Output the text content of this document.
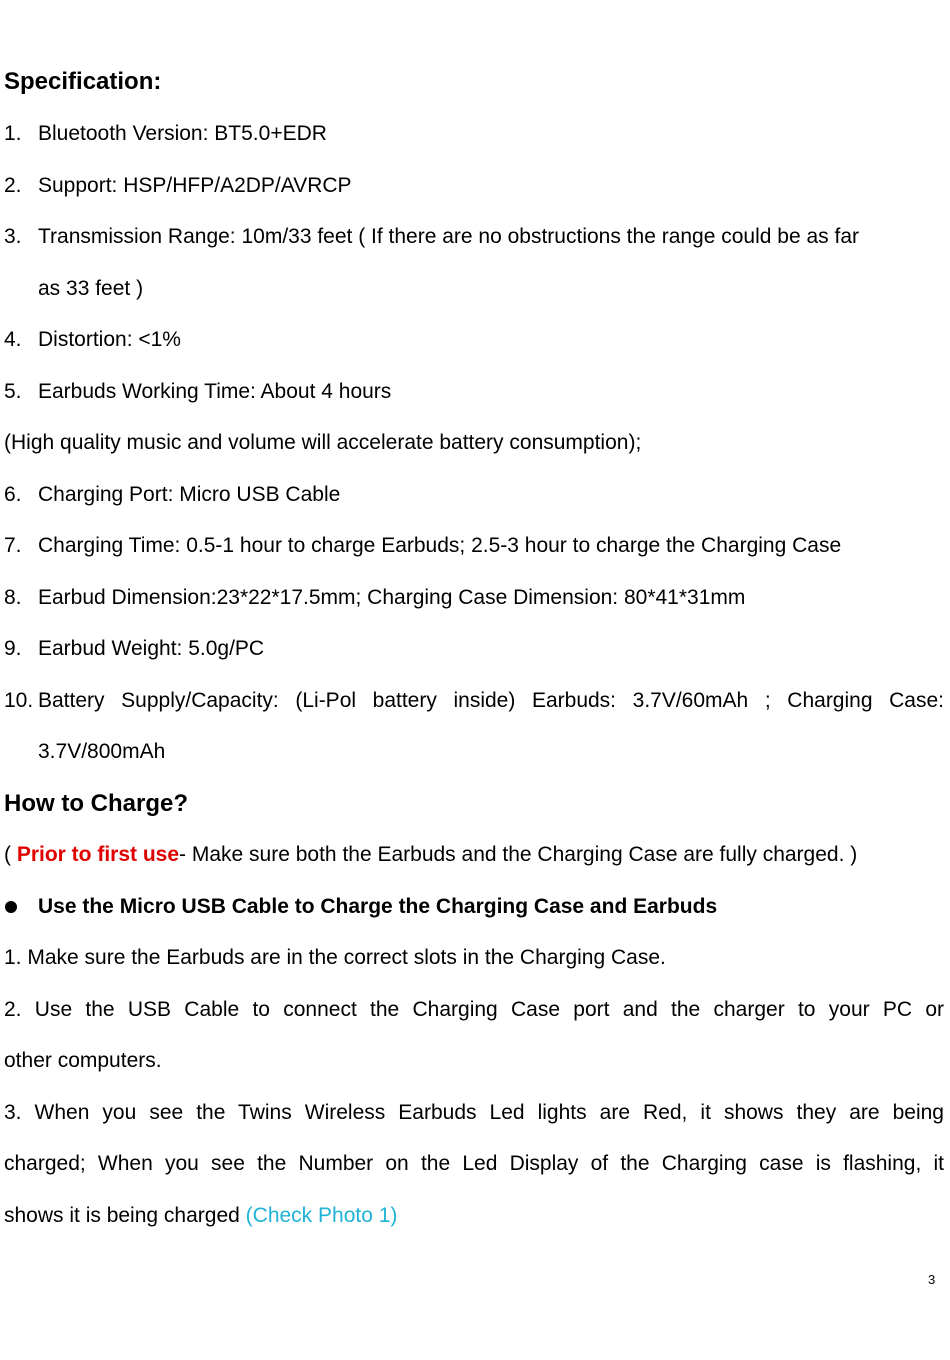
Specification:
1. Bluetooth Version: BT5.0+EDR
2. Support: HSP/HFP/A2DP/AVRCP
3. Transmission Range: 10m/33 feet ( If there are no obstructions the range could be as far
as 33 feet )
4. Distortion: <1%
5. Earbuds Working Time: About 4 hours
(High quality music and volume will accelerate battery consumption);
6. Charging Port: Micro USB Cable
7. Charging Time: 0.5-1 hour to charge Earbuds; 2.5-3 hour to charge the Charging Case
8. Earbud Dimension:23*22*17.5mm; Charging Case Dimension: 80*41*31mm
9. Earbud Weight: 5.0g/PC
10. Battery Supply/Capacity: (Li-Pol battery inside) Earbuds: 3.7V/60mAh ; Charging Case:
3.7V/800mAh
How to Charge?
( Prior to first use- Make sure both the Earbuds and the Charging Case are fully charged. )
Use the Micro USB Cable to Charge the Charging Case and Earbuds
1. Make sure the Earbuds are in the correct slots in the Charging Case.
2. Use the USB Cable to connect the Charging Case port and the charger to your PC or
other computers.
3. When you see the Twins Wireless Earbuds Led lights are Red, it shows they are being
charged; When you see the Number on the Led Display of the Charging case is flashing, it
shows it is being charged (Check Photo 1)
3
